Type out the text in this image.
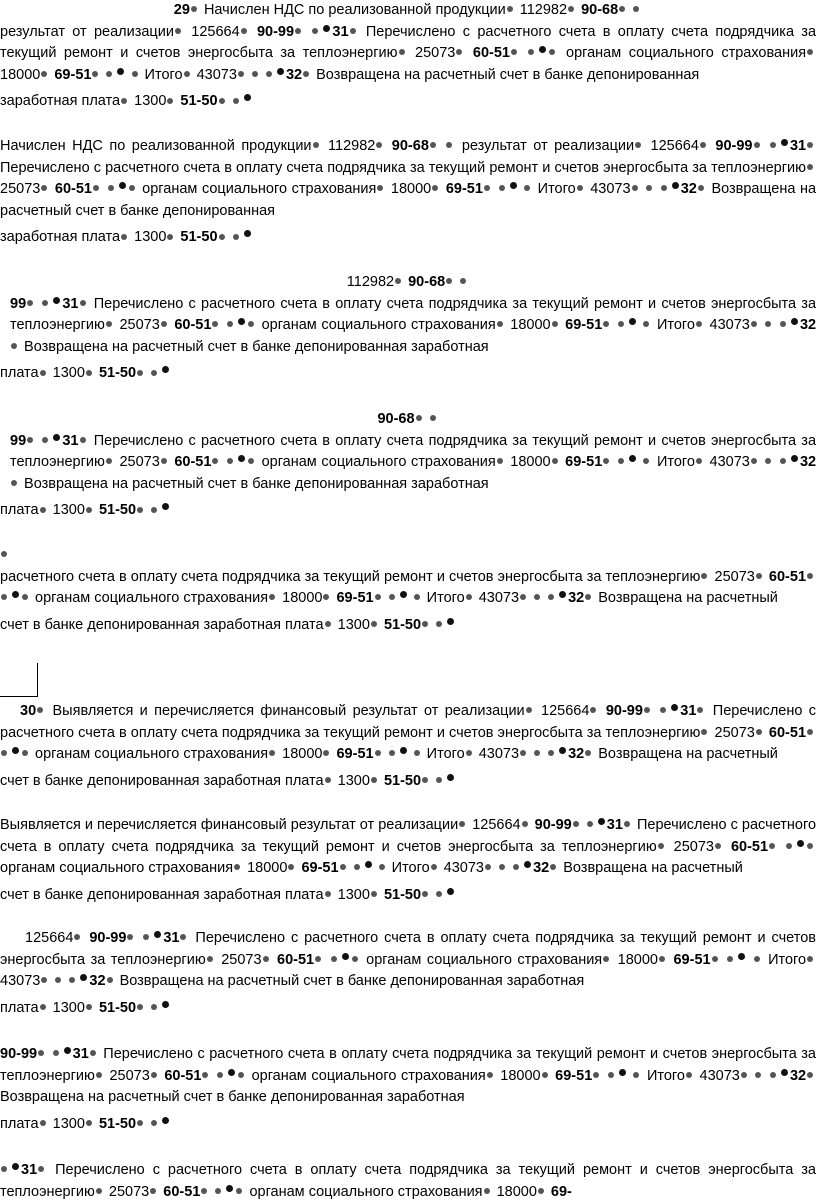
29 Начислен НДС по реализованной продукции 112982 90-68
результат от реализации 125664 90-99	31 Перечислено с расчетного счета в оплату счета подрядчика за текущий ремонт и счетов энергосбыта за теплоэнергию 25073 60-51	органам социального страхования 18000 69-51	Итого 43073	32 Возвращена на расчетный счет в банке депонированная
заработная плата 1300 51-50
Начислен НДС по реализованной продукции 112982 90-68 результат от реализации 125664 90-99	31 Перечислено с расчетного счета в оплату счета подрядчика за текущий ремонт и счетов энергосбыта за теплоэнергию 25073 60-51	органам социального страхования 18000 69-51	Итого 43073	32 Возвращена на расчетный счет в банке депонированная
заработная плата 1300 51-50
112982 90-68
99 31 Перечислено с расчетного счета в оплату счета подрядчика за текущий ремонт и счетов энергосбыта за теплоэнергию 25073 60-51	органам социального страхования 18000 69-51	Итого 43073	32 Возвращена на расчетный счет в банке депонированная заработная
плата 1300 51-50
90-68
99 31 Перечислено с расчетного счета в оплату счета подрядчика за текущий ремонт и счетов энергосбыта за теплоэнергию 25073 60-51	органам социального страхования 18000 69-51	Итого 43073	32 Возвращена на расчетный счет в банке депонированная заработная
плата 1300 51-50
расчетного счета в оплату счета подрядчика за текущий ремонт и счетов энергосбыта за теплоэнергию 25073 60-51  органам социального страхования 18000 69-51	Итого 43073	32 Возвращена на расчетный
счет в банке депонированная заработная плата 1300 51-50
30 Выявляется и перечисляется финансовый результат от реализации 125664 90-99	31 Перечислено с расчетного счета в оплату счета подрядчика за текущий ремонт и счетов энергосбыта за теплоэнергию 25073 60-51  органам социального страхования 18000 69-51	Итого 43073	32 Возвращена на расчетный
счет в банке депонированная заработная плата 1300 51-50
Выявляется и перечисляется финансовый результат от реализации 125664 90-99 31 Перечислено с расчетного счета в оплату счета подрядчика за текущий ремонт и счетов энергосбыта за теплоэнергию 25073 60-51  органам социального страхования 18000 69-51	Итого 43073	32 Возвращена на расчетный
счет в банке депонированная заработная плата 1300 51-50
125664 90-99	31 Перечислено с расчетного счета в оплату счета подрядчика за текущий ремонт и счетов энергосбыта за теплоэнергию 25073 60-51	органам социального страхования 18000 69-51	Итого 43073	32 Возвращена на расчетный счет в банке депонированная заработная
плата 1300 51-50
90-99 31 Перечислено с расчетного счета в оплату счета подрядчика за текущий ремонт и счетов энергосбыта за теплоэнергию 25073 60-51	органам социального страхования 18000 69-51	Итого 43073	32 Возвращена на расчетный счет в банке депонированная заработная
плата 1300 51-50
31 Перечислено с расчетного счета в оплату счета подрядчика за текущий ремонт и счетов энергосбыта за теплоэнергию 25073 60-51	органам социального страхования 18000 69-
